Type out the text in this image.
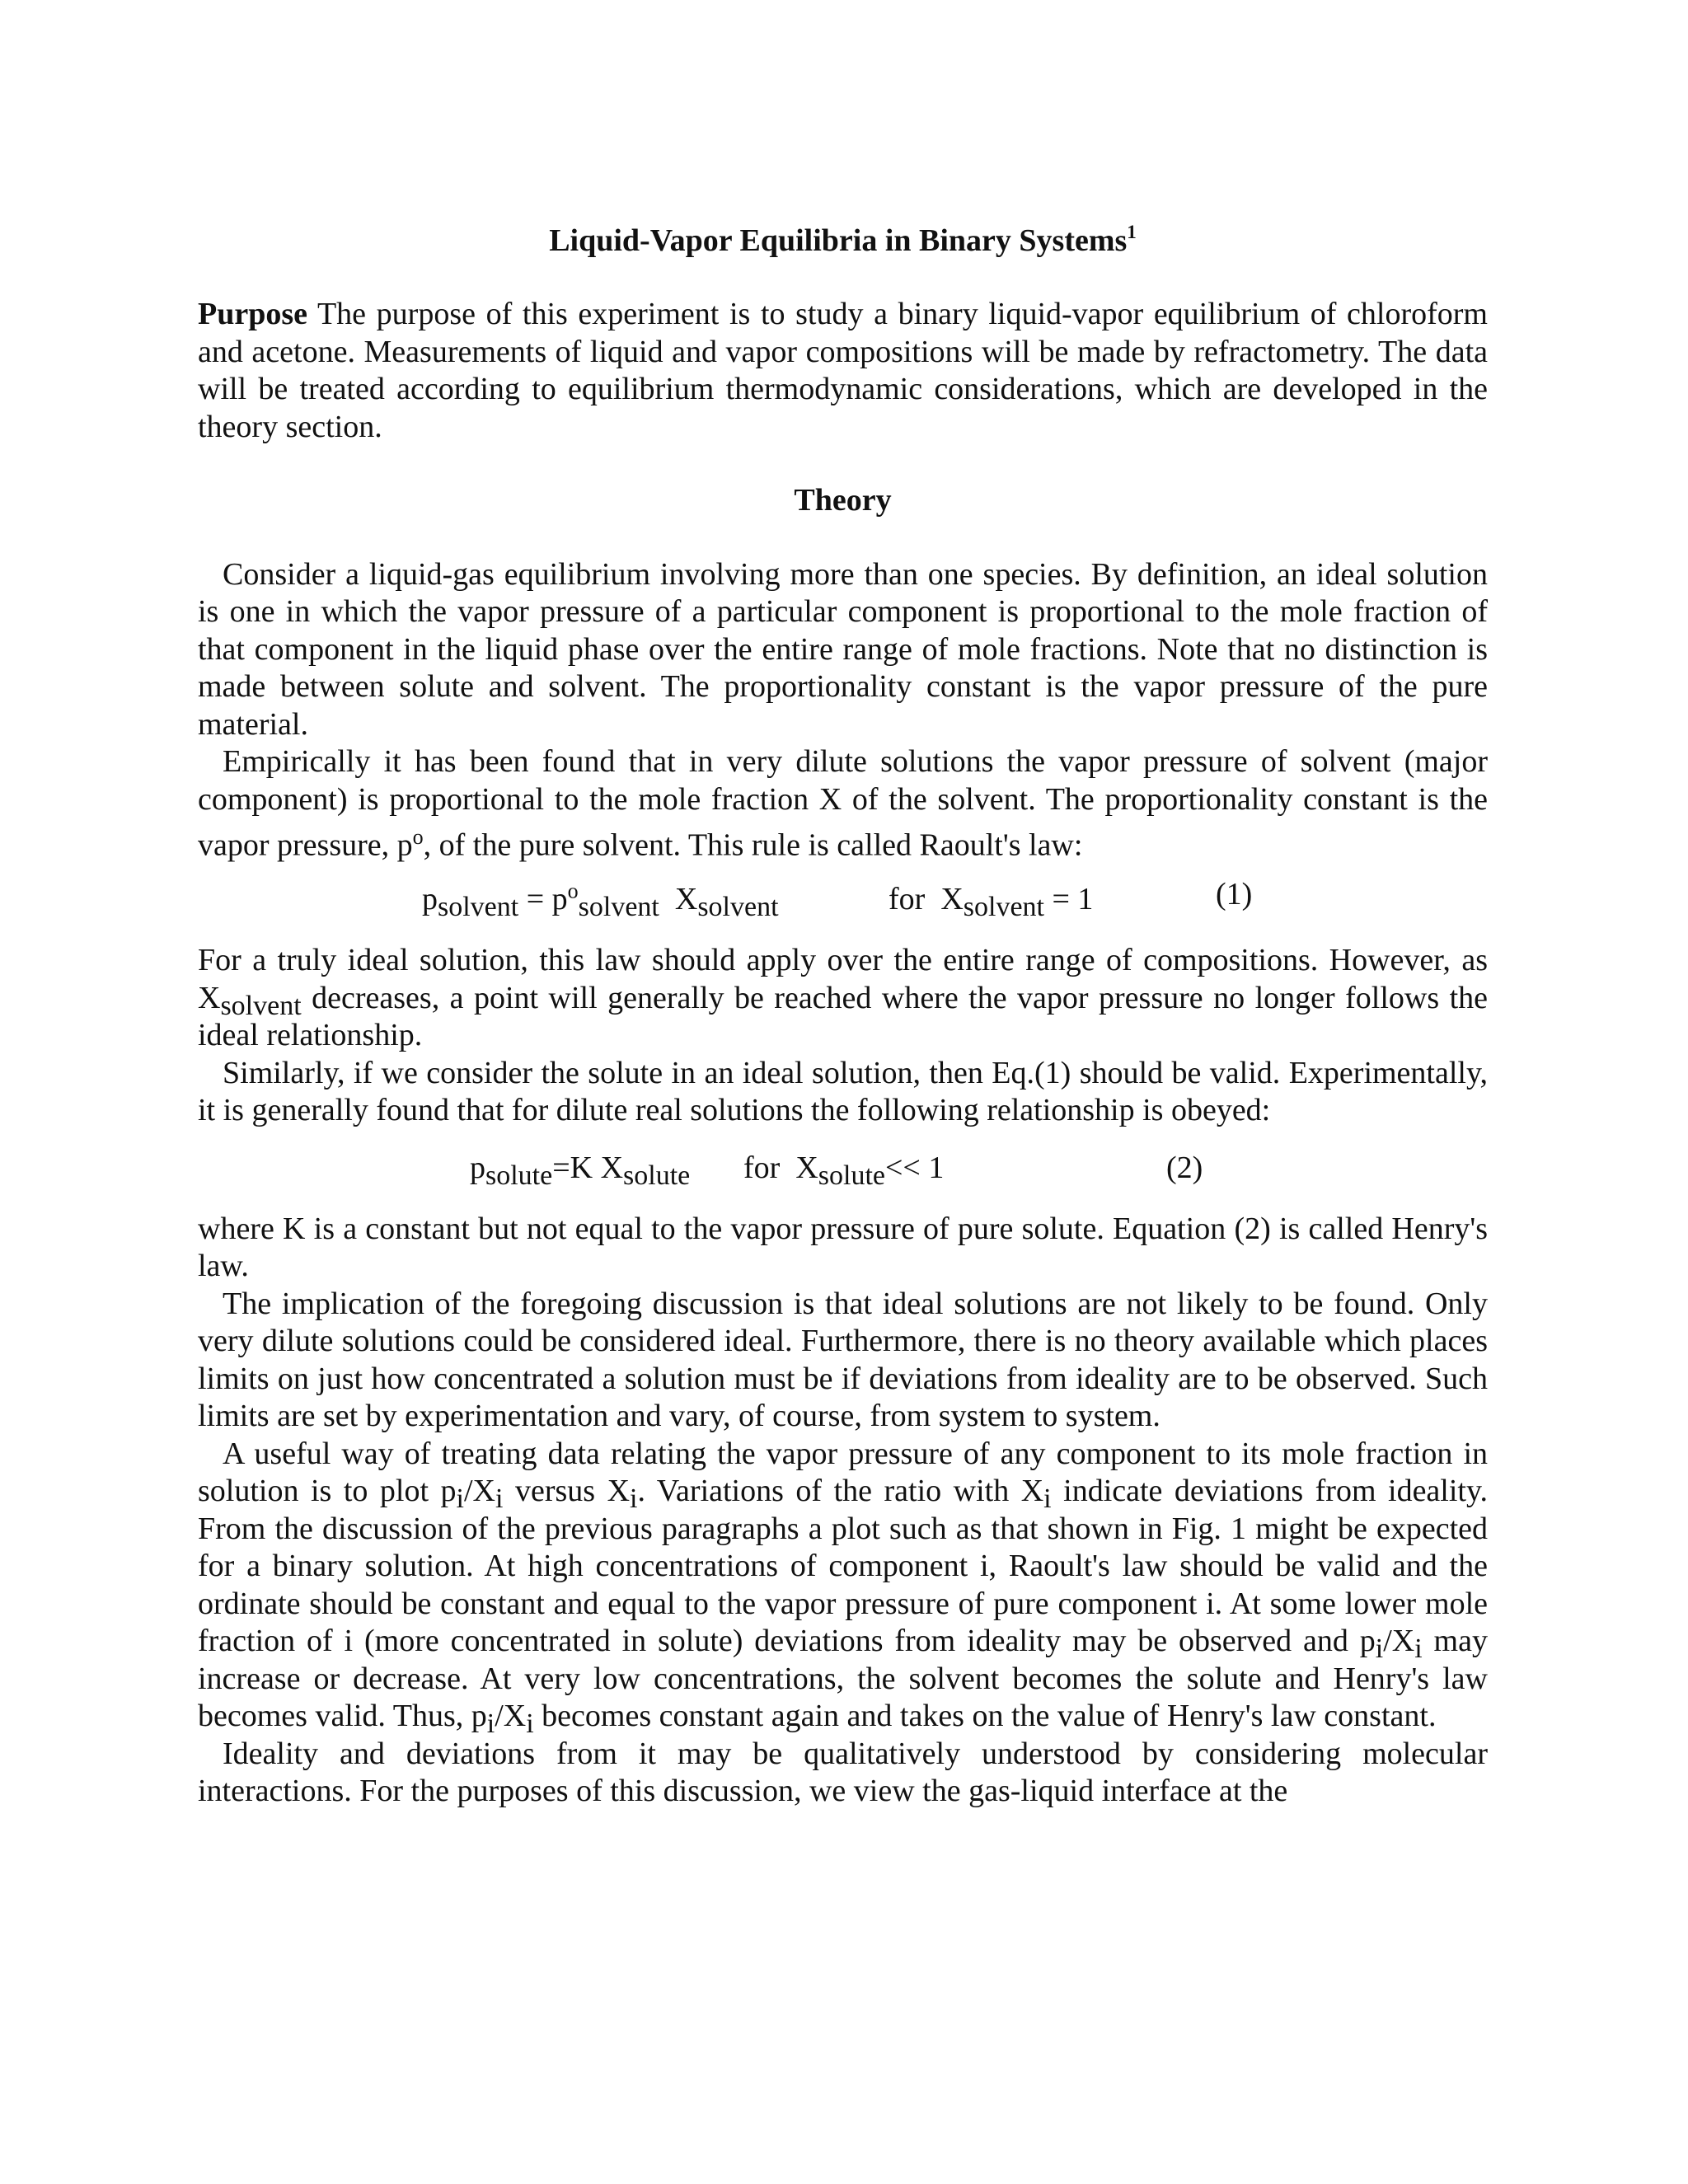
Liquid-Vapor Equilibria in Binary Systems$^1$

Purpose The purpose of this experiment is to study a binary liquid-vapor equilibrium of chloroform and acetone. Measurements of liquid and vapor compositions will be made by refractometry. The data will be treated according to equilibrium thermodynamic considerations, which are developed in the theory section.

Theory

Consider a liquid-gas equilibrium involving more than one species. By definition, an ideal solution is one in which the vapor pressure of a particular component is proportional to the mole fraction of that component in the liquid phase over the entire range of mole fractions. Note that no distinction is made between solute and solvent. The proportionality constant is the vapor pressure of the pure material.

Empirically it has been found that in very dilute solutions the vapor pressure of solvent (major component) is proportional to the mole fraction X of the solvent. The proportionality constant is the vapor pressure, $p^o$, of the pure solvent. This rule is called Raoult's law:

$p_{solvent} = p^o_{solvent}$ $X_{solvent}$	for $X_{solvent} = 1$	(1)

For a truly ideal solution, this law should apply over the entire range of compositions. However, as $X_{solvent}$ decreases, a point will generally be reached where the vapor pressure no longer follows the ideal relationship.

Similarly, if we consider the solute in an ideal solution, then Eq.(1) should be valid. Experimentally, it is generally found that for dilute real solutions the following relationship is obeyed:

$p_{solute}=K$ $X_{solute}$ for $X_{solute}<< 1$	(2)

where K is a constant but not equal to the vapor pressure of pure solute. Equation (2) is called Henry's law.

The implication of the foregoing discussion is that ideal solutions are not likely to be found. Only very dilute solutions could be considered ideal. Furthermore, there is no theory available which places limits on just how concentrated a solution must be if deviations from ideality are to be observed. Such limits are set by experimentation and vary, of course, from system to system.

A useful way of treating data relating the vapor pressure of any component to its mole fraction in solution is to plot $p_i/X_i$ versus $X_i$. Variations of the ratio with $X_i$ indicate deviations from ideality. From the discussion of the previous paragraphs a plot such as that shown in Fig. 1 might be expected for a binary solution. At high concentrations of component i, Raoult's law should be valid and the ordinate should be constant and equal to the vapor pressure of pure component i. At some lower mole fraction of i (more concentrated in solute) deviations from ideality may be observed and $p_i/X_i$ may increase or decrease. At very low concentrations, the solvent becomes the solute and Henry's law becomes valid. Thus, $p_i/X_i$ becomes constant again and takes on the value of Henry's law constant.

Ideality and deviations from it may be qualitatively understood by considering molecular interactions. For the purposes of this discussion, we view the gas-liquid interface at the
